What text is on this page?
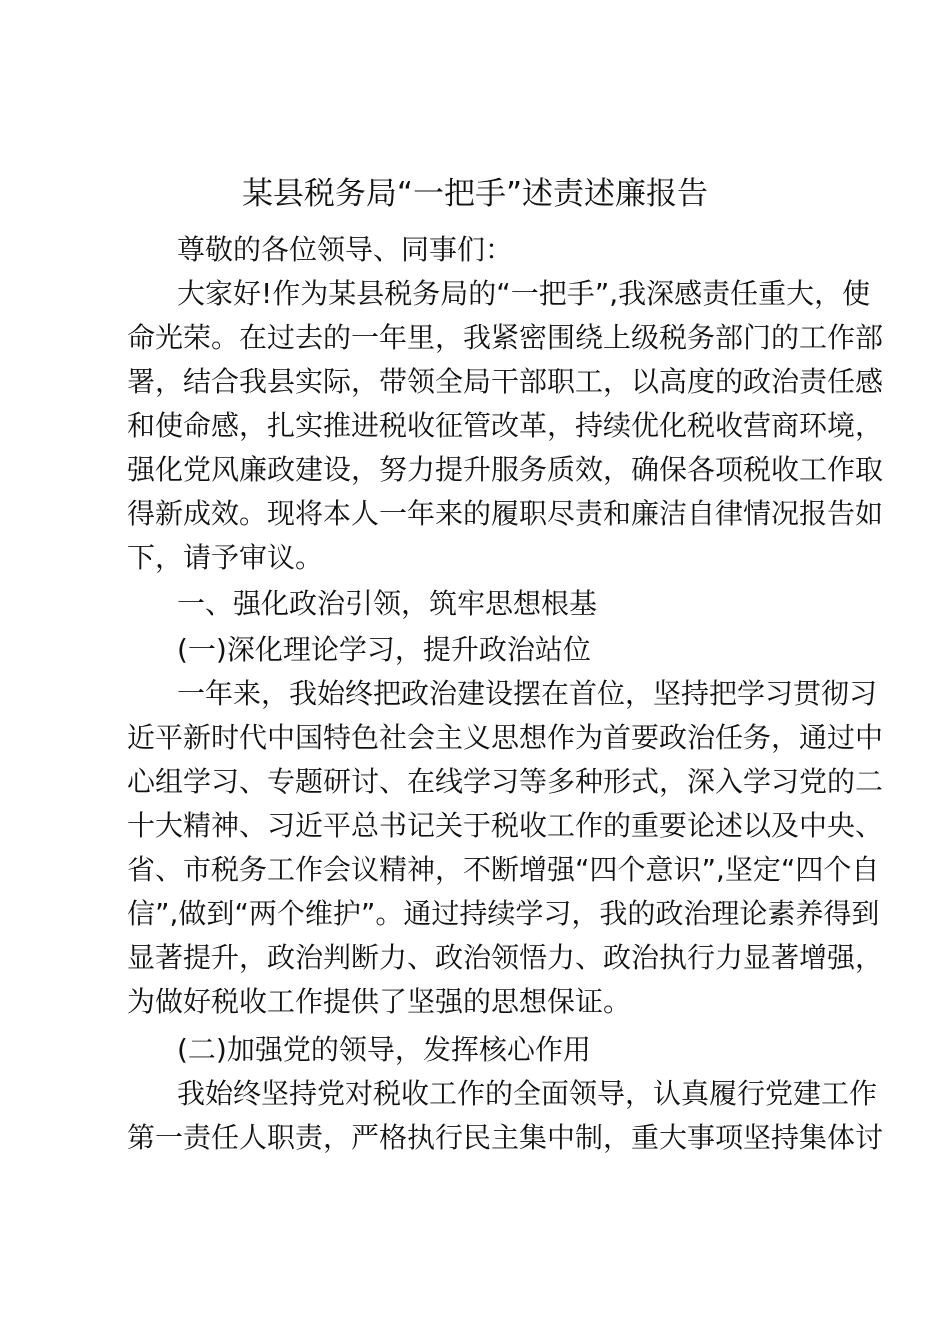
某县税务局“一把手”述责述廉报告
尊敬的各位领导、同事们：
大家好!作为某县税务局的“一把手”,我深感责任重大，使
命光荣。在过去的一年里，我紧密围绕上级税务部门的工作部
署，结合我县实际，带领全局干部职工，以高度的政治责任感
和使命感，扎实推进税收征管改革，持续优化税收营商环境，
强化党风廉政建设，努力提升服务质效，确保各项税收工作取
得新成效。现将本人一年来的履职尽责和廉洁自律情况报告如
下，请予审议。
一、强化政治引领，筑牢思想根基
(一)深化理论学习，提升政治站位
一年来，我始终把政治建设摆在首位，坚持把学习贯彻习
近平新时代中国特色社会主义思想作为首要政治任务，通过中
心组学习、专题研讨、在线学习等多种形式，深入学习党的二
十大精神、习近平总书记关于税收工作的重要论述以及中央、
省、市税务工作会议精神，不断增强“四个意识”,坚定“四个自
信”,做到“两个维护”。通过持续学习，我的政治理论素养得到
显著提升，政治判断力、政治领悟力、政治执行力显著增强，
为做好税收工作提供了坚强的思想保证。
(二)加强党的领导，发挥核心作用
我始终坚持党对税收工作的全面领导，认真履行党建工作
第一责任人职责，严格执行民主集中制，重大事项坚持集体讨
